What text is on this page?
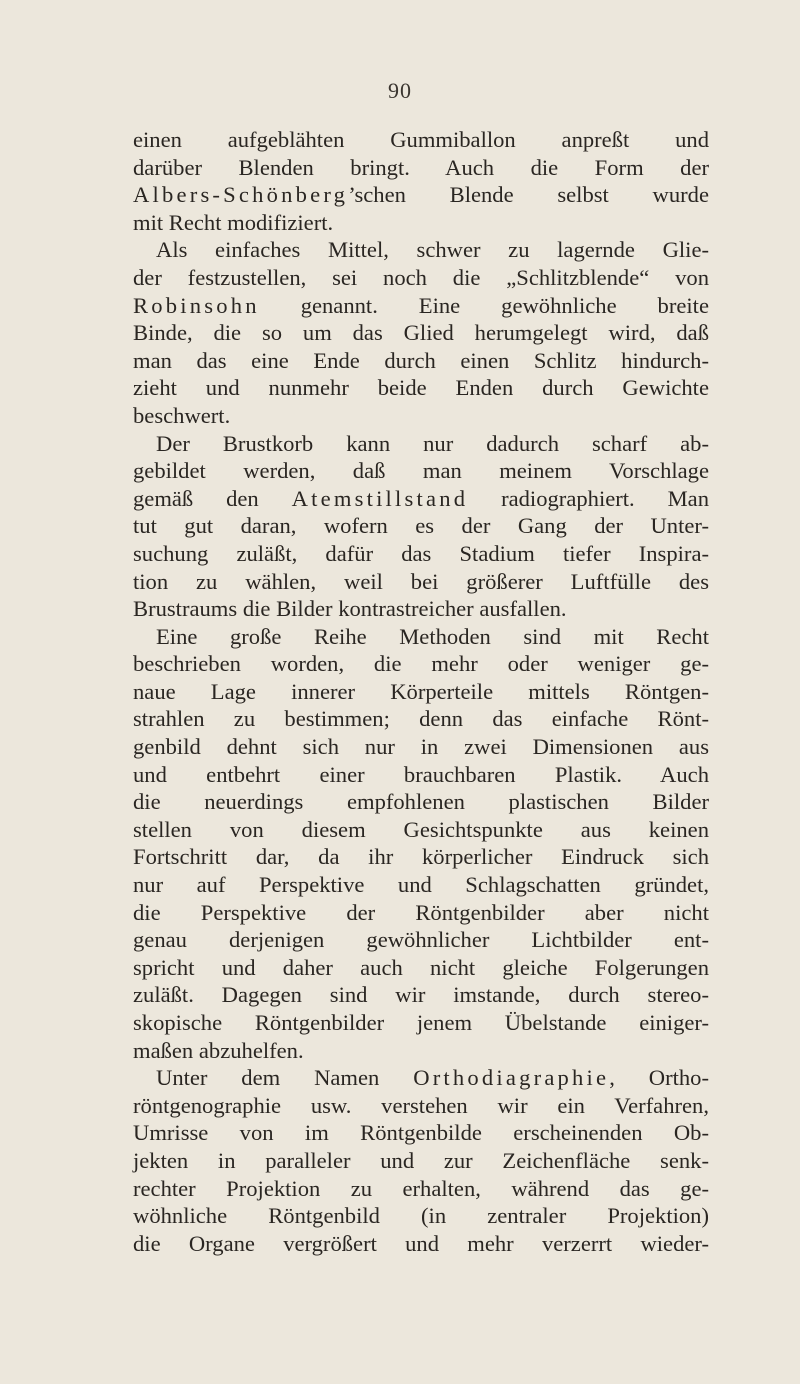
90
einen aufgeblähten Gummiballon anpreßt und
darüber Blenden bringt. Auch die Form der
Albers-Schönberg’schen Blende selbst wurde
mit Recht modifiziert.
Als einfaches Mittel, schwer zu lagernde Glie-
der festzustellen, sei noch die „Schlitzblende“ von
Robinsohn genannt. Eine gewöhnliche breite
Binde, die so um das Glied herumgelegt wird, daß
man das eine Ende durch einen Schlitz hindurch-
zieht und nunmehr beide Enden durch Gewichte
beschwert.
Der Brustkorb kann nur dadurch scharf ab-
gebildet werden, daß man meinem Vorschlage
gemäß den Atemstillstand radiographiert. Man
tut gut daran, wofern es der Gang der Unter-
suchung zuläßt, dafür das Stadium tiefer Inspira-
tion zu wählen, weil bei größerer Luftfülle des
Brustraums die Bilder kontrastreicher ausfallen.
Eine große Reihe Methoden sind mit Recht
beschrieben worden, die mehr oder weniger ge-
naue Lage innerer Körperteile mittels Röntgen-
strahlen zu bestimmen; denn das einfache Rönt-
genbild dehnt sich nur in zwei Dimensionen aus
und entbehrt einer brauchbaren Plastik. Auch
die neuerdings empfohlenen plastischen Bilder
stellen von diesem Gesichtspunkte aus keinen
Fortschritt dar, da ihr körperlicher Eindruck sich
nur auf Perspektive und Schlagschatten gründet,
die Perspektive der Röntgenbilder aber nicht
genau derjenigen gewöhnlicher Lichtbilder ent-
spricht und daher auch nicht gleiche Folgerungen
zuläßt. Dagegen sind wir imstande, durch stereo-
skopische Röntgenbilder jenem Übelstande einiger-
maßen abzuhelfen.
Unter dem Namen Orthodiagraphie, Ortho-
röntgenographie usw. verstehen wir ein Verfahren,
Umrisse von im Röntgenbilde erscheinenden Ob-
jekten in paralleler und zur Zeichenfläche senk-
rechter Projektion zu erhalten, während das ge-
wöhnliche Röntgenbild (in zentraler Projektion)
die Organe vergrößert und mehr verzerrt wieder-
